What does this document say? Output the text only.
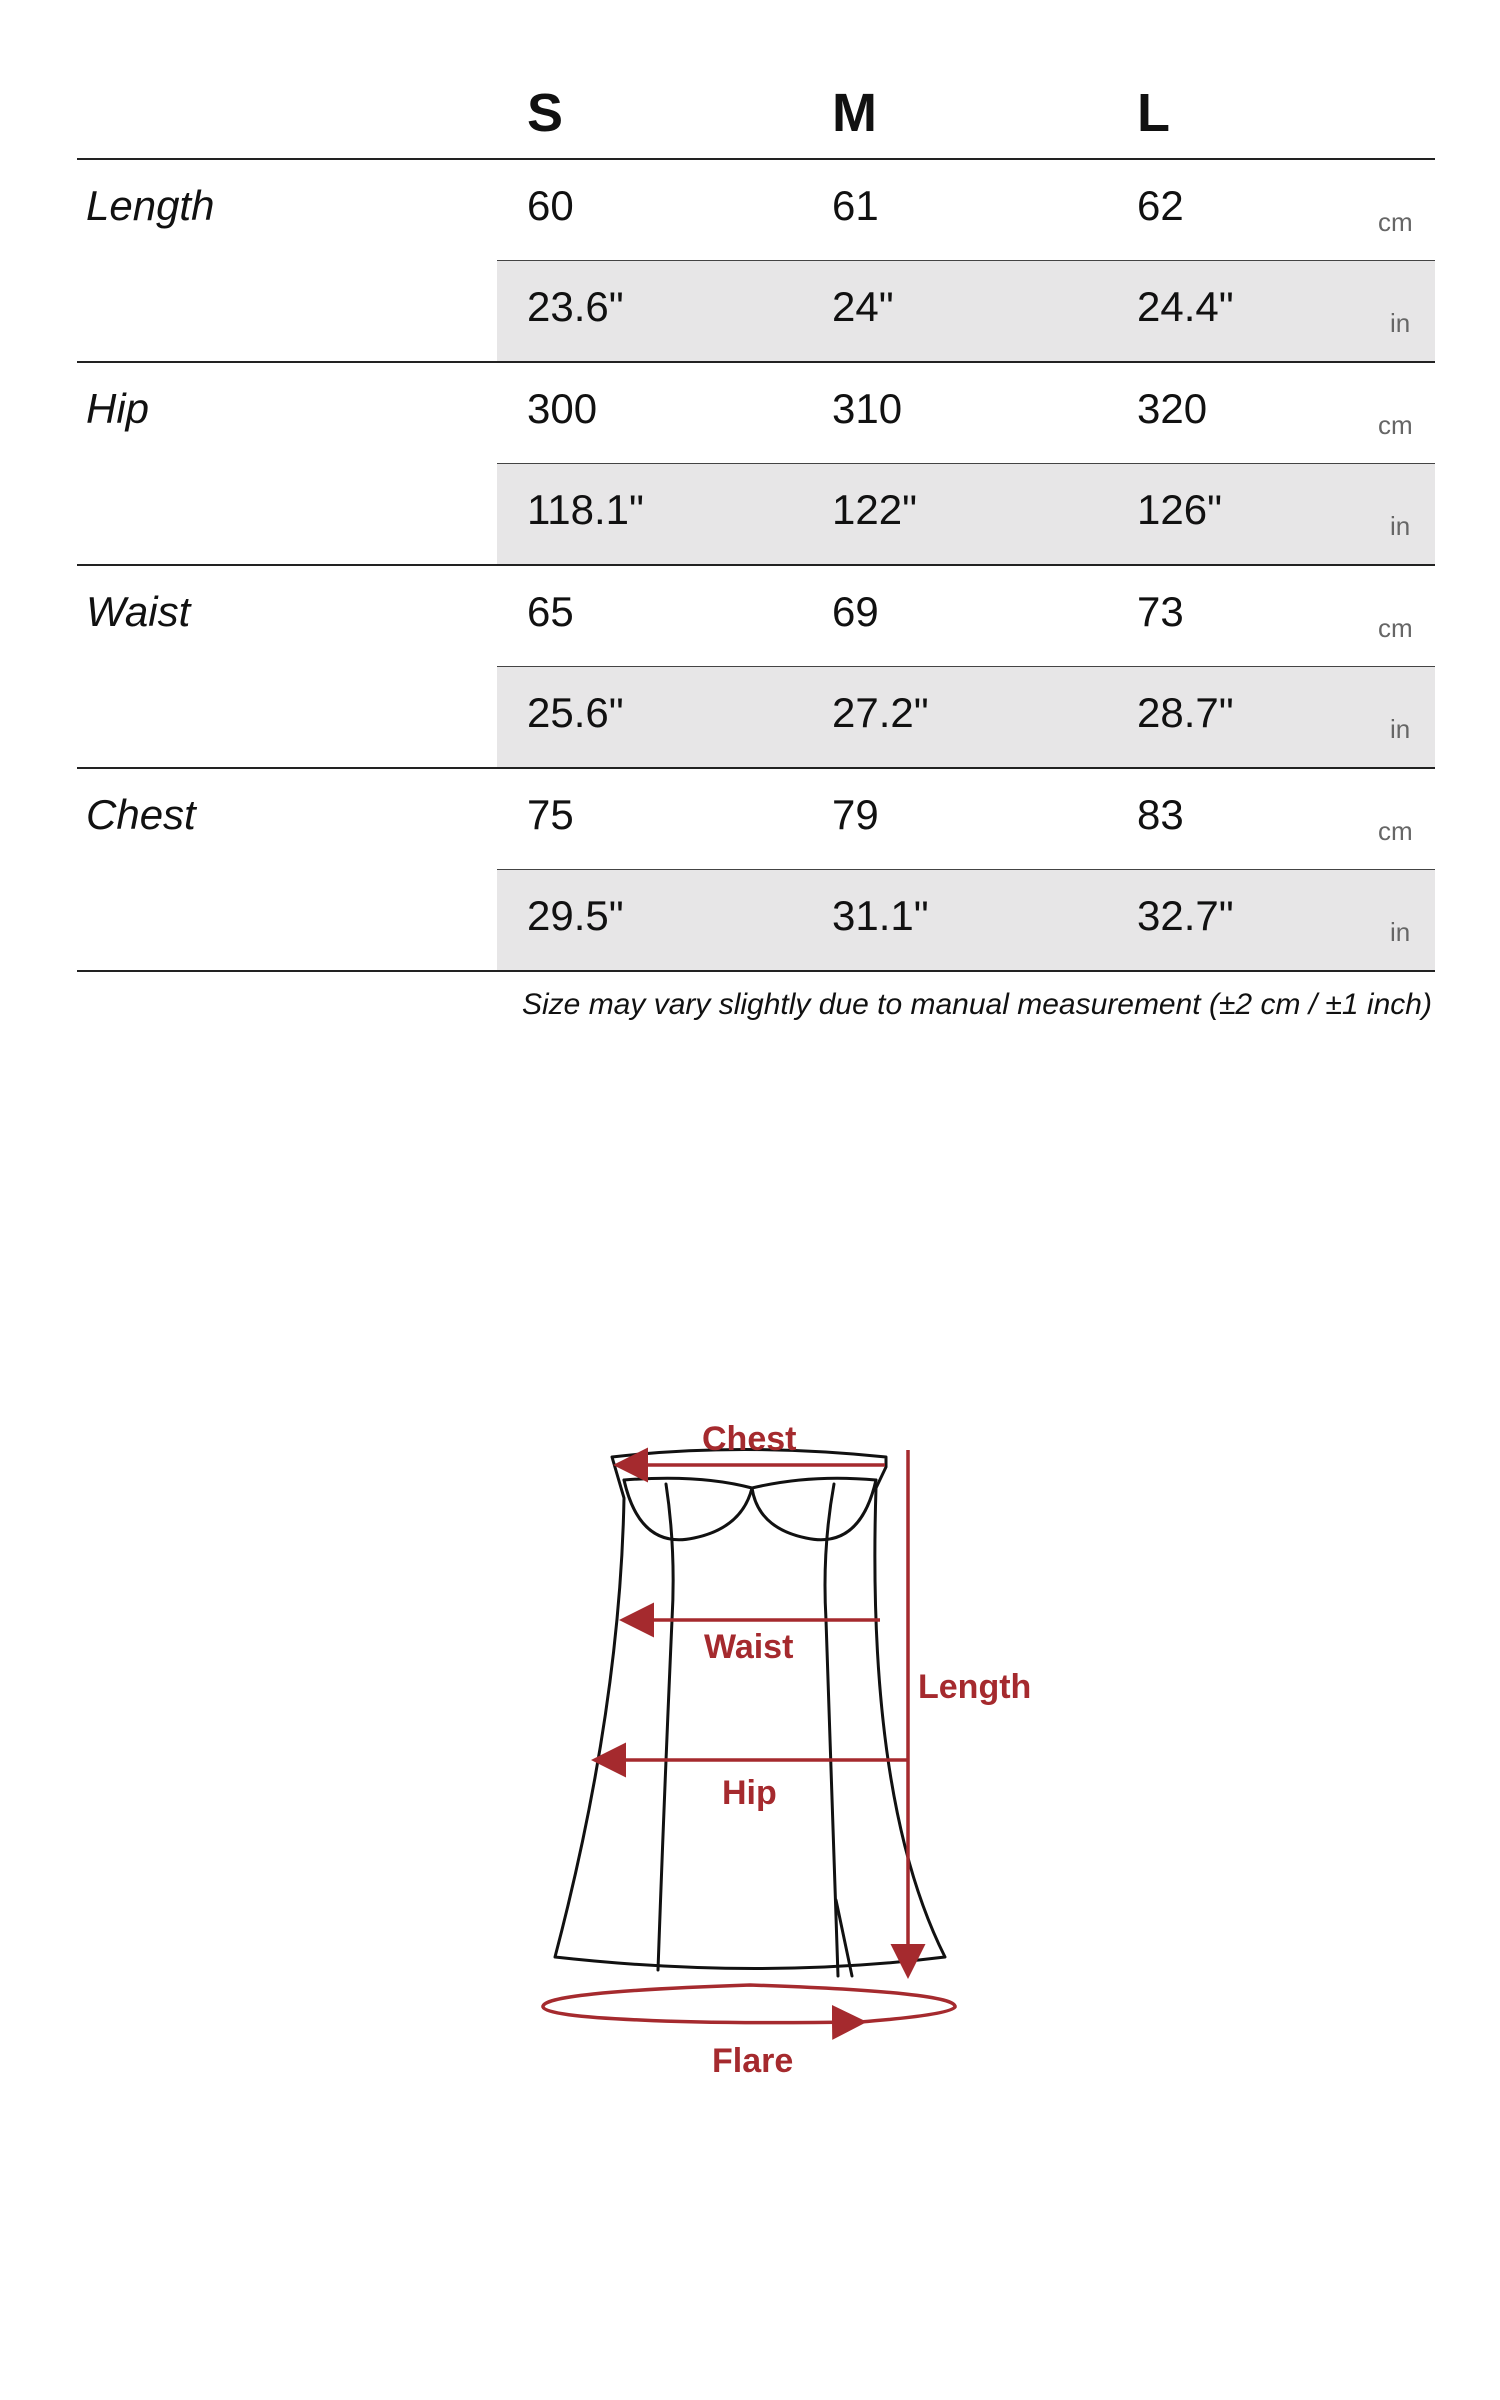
S	M	L
Length	60	61	62	cm
23.6"	24"	24.4"	in
Hip	300	310	320	cm
118.1"	122"	126"	in
Waist	65	69	73	cm
25.6"	27.2"	28.7"	in
Chest	75	79	83	cm
29.5"	31.1"	32.7"	in
Size may vary slightly due to manual measurement (±2 cm / ±1 inch)
Chest
Waist
Length
Hip
Flare
